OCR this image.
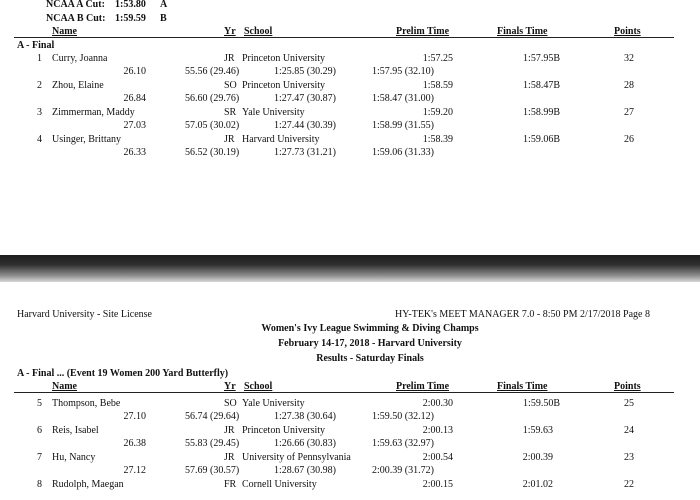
NCAA A Cut: 1:53.80 A
NCAA B Cut: 1:59.59 B
Name	Yr School	Prelim Time	Finals Time	Points
A - Final
1 Curry, Joanna	JR Princeton University	1:57.25	1:57.95B	32
26.10	55.56 (29.46)	1:25.85 (30.29)	1:57.95 (32.10)
2 Zhou, Elaine	SO Princeton University	1:58.59	1:58.47B	28
26.84	56.60 (29.76)	1:27.47 (30.87)	1:58.47 (31.00)
3 Zimmerman, Maddy	SR Yale University	1:59.20	1:58.99B	27
27.03	57.05 (30.02)	1:27.44 (30.39)	1:58.99 (31.55)
4 Usinger, Brittany	JR Harvard University	1:58.39	1:59.06B	26
26.33	56.52 (30.19)	1:27.73 (31.21)	1:59.06 (31.33)
Harvard University - Site License	HY-TEK's MEET MANAGER 7.0 - 8:50 PM 2/17/2018 Page 8
Women's Ivy League Swimming & Diving Champs
February 14-17, 2018 - Harvard University
Results - Saturday Finals
A - Final ... (Event 19 Women 200 Yard Butterfly)
Name	Yr School	Prelim Time	Finals Time	Points
5 Thompson, Bebe	SO Yale University	2:00.30	1:59.50B	25
27.10	56.74 (29.64)	1:27.38 (30.64)	1:59.50 (32.12)
6 Reis, Isabel	JR Princeton University	2:00.13	1:59.63	24
26.38	55.83 (29.45)	1:26.66 (30.83)	1:59.63 (32.97)
7 Hu, Nancy	JR University of Pennsylvania	2:00.54	2:00.39	23
27.12	57.69 (30.57)	1:28.67 (30.98)	2:00.39 (31.72)
8 Rudolph, Maegan	FR Cornell University	2:00.15	2:01.02	22
